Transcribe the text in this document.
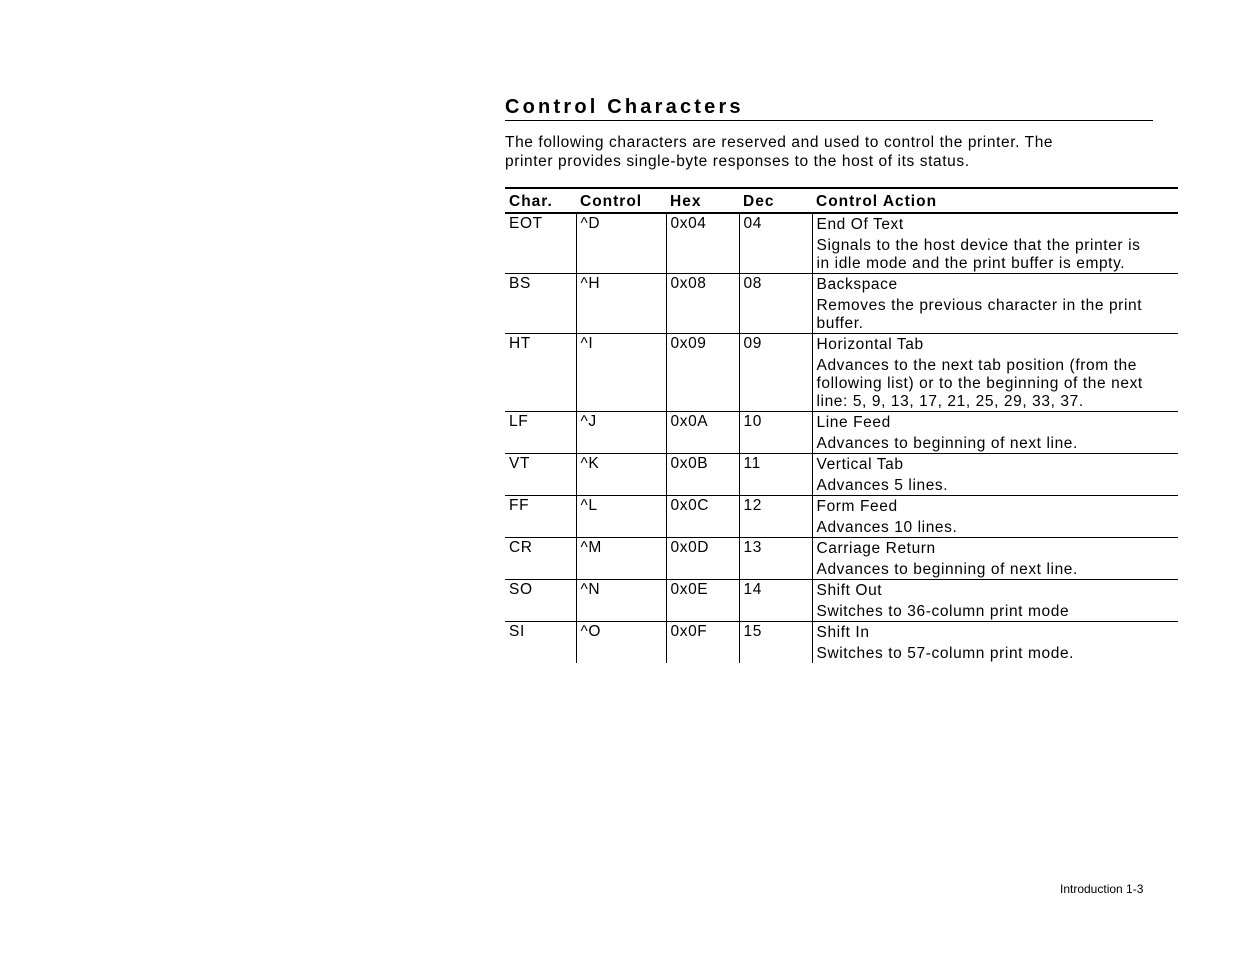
Control Characters

The following characters are reserved and used to control the printer. The
printer provides single-byte responses to the host of its status.

Char.	Control	Hex	Dec	Control Action
EOT	^D	0x04	04	End Of Text
Signals to the host device that the printer is
in idle mode and the print buffer is empty.

BS	^H	0x08	08	Backspace
Removes the previous character in the print
buffer.

HT	^I	0x09	09	Horizontal Tab
Advances to the next tab position (from the
following list) or to the beginning of the next
line: 5, 9, 13, 17, 21, 25, 29, 33, 37.

LF	^J	0x0A	10	Line Feed
Advances to beginning of next line.

VT	^K	0x0B	11	Vertical Tab
Advances 5 lines.

FF	^L	0x0C	12	Form Feed
Advances 10 lines.

CR	^M	0x0D	13	Carriage Return
Advances to beginning of next line.

SO	^N	0x0E	14	Shift Out
Switches to 36-column print mode

SI	^O	0x0F	15	Shift In
Switches to 57-column print mode.
Introduction 1-3
